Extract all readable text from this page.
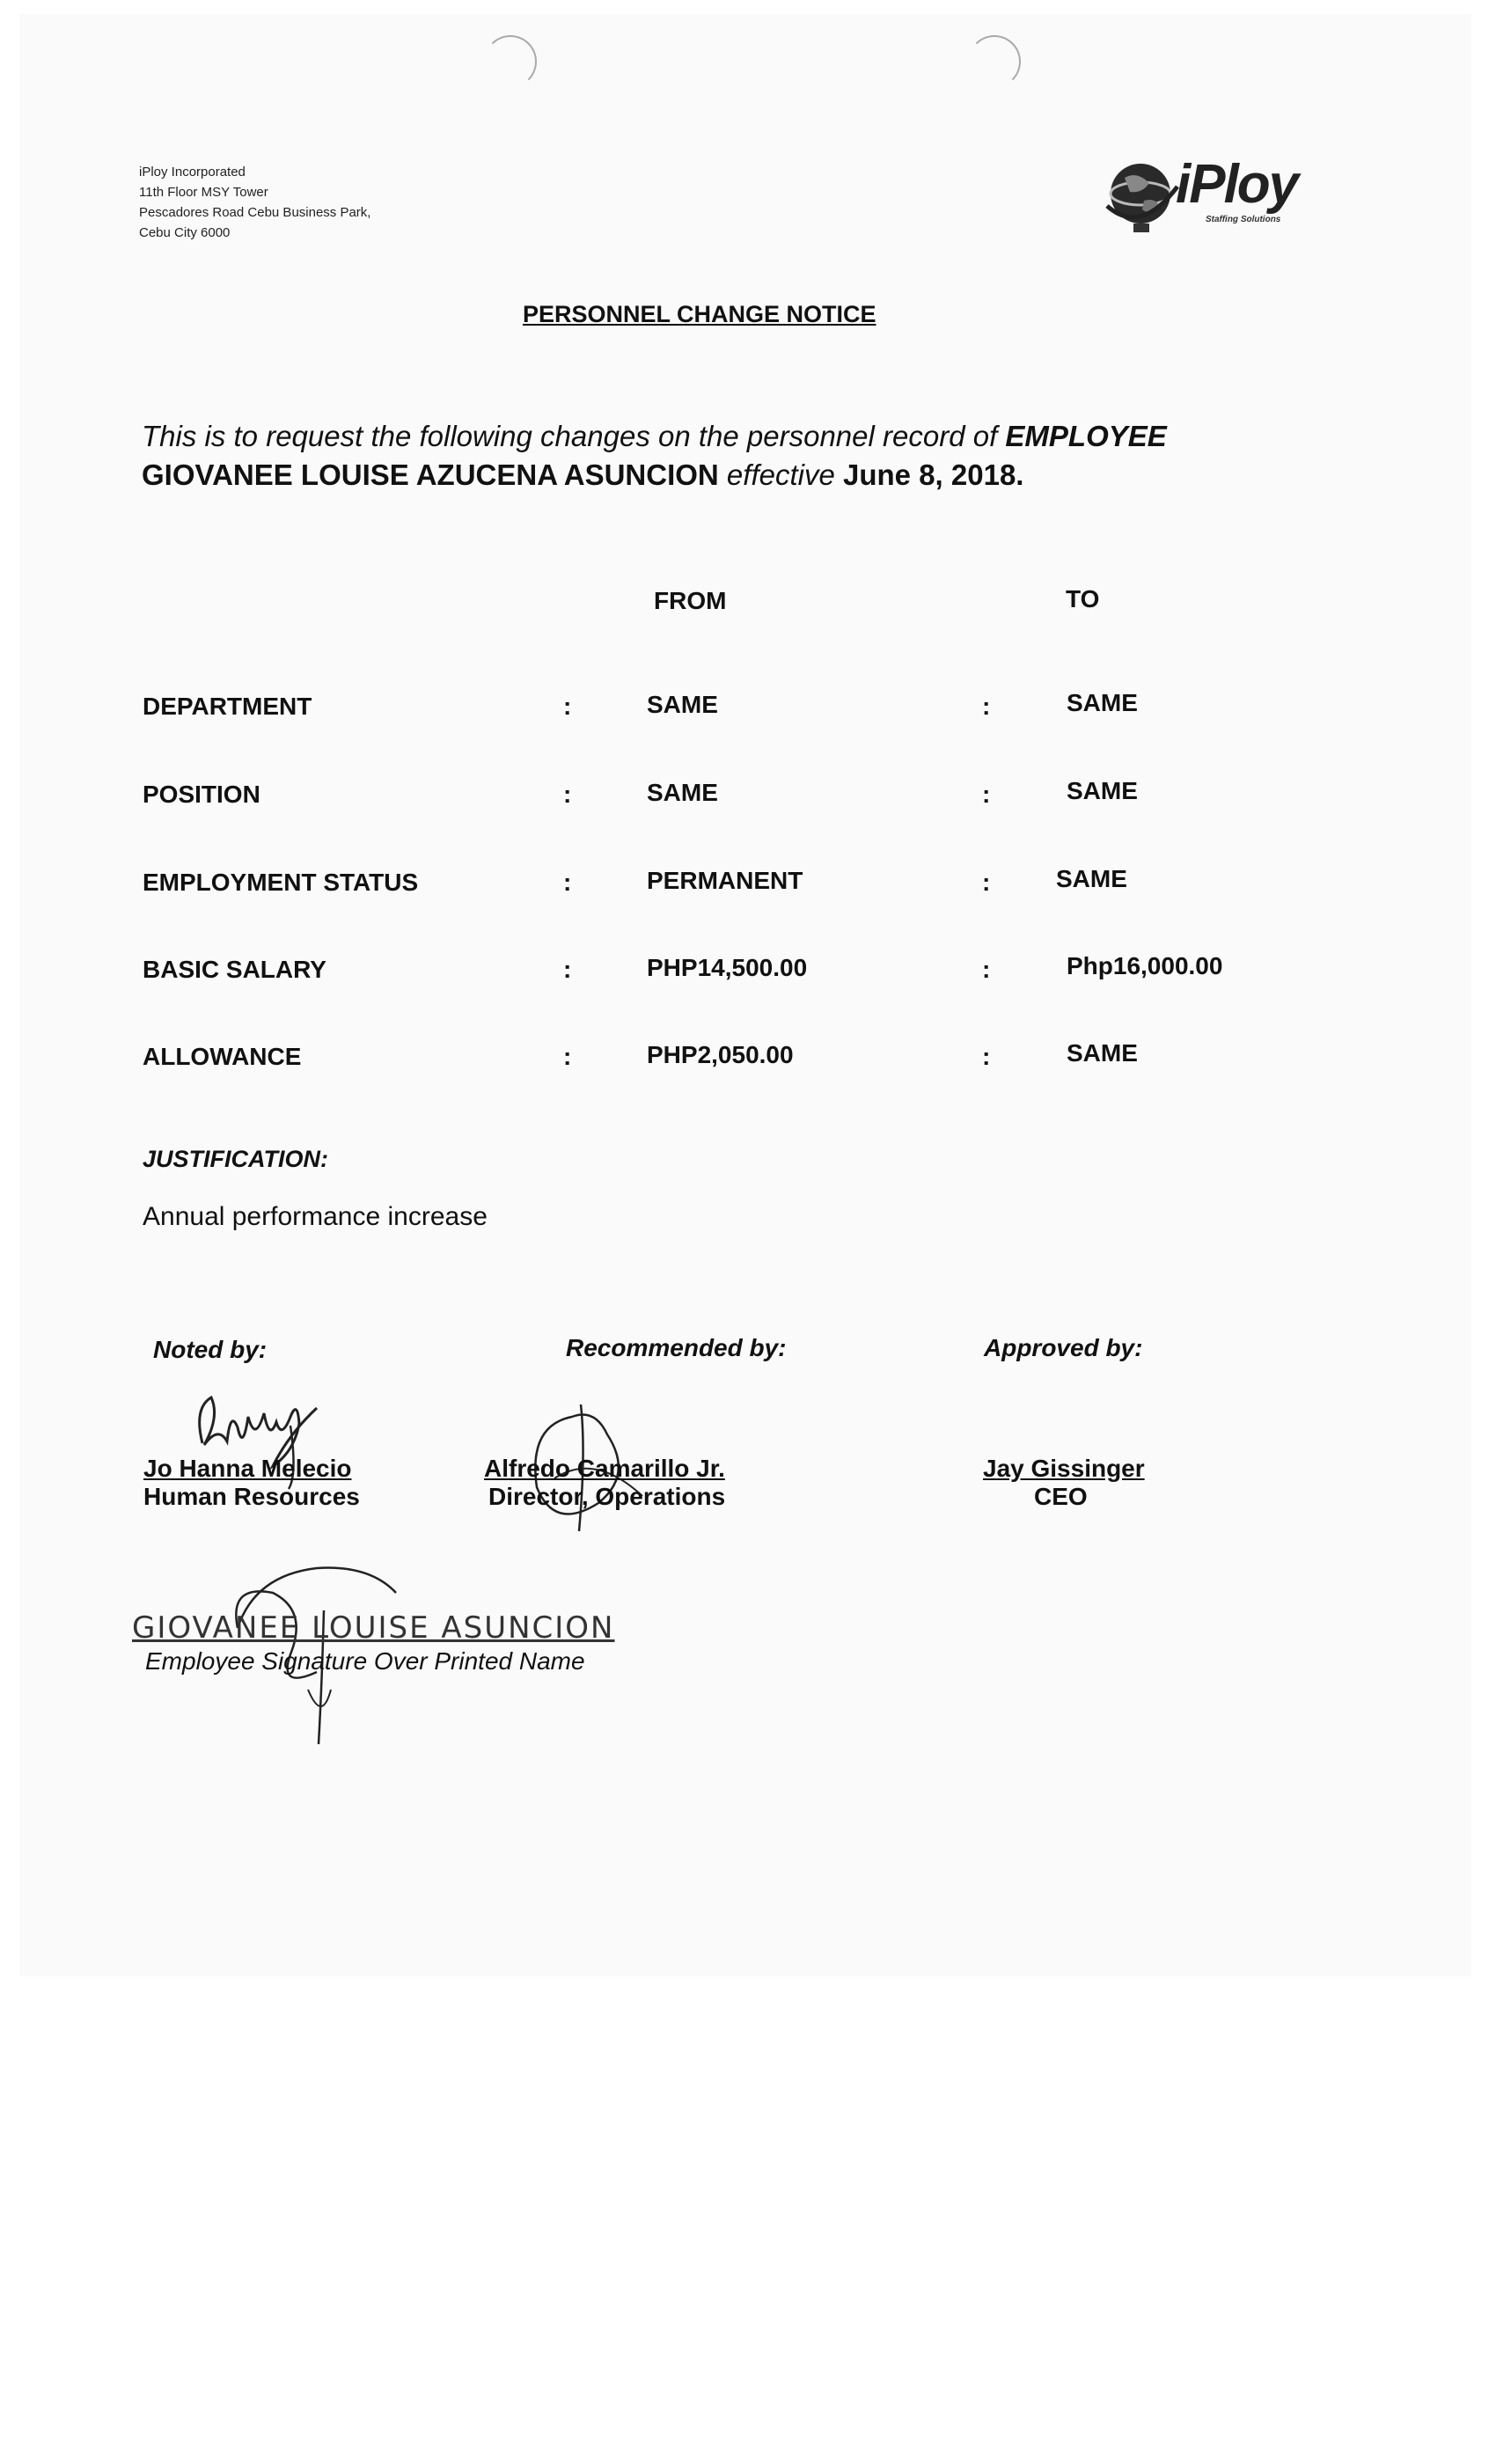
iPloy Incorporated
11th Floor MSY Tower
Pescadores Road Cebu Business Park,
Cebu City 6000
iPloy
Staffing Solutions
PERSONNEL CHANGE NOTICE
This is to request the following changes on the personnel record of EMPLOYEE
GIOVANEE LOUISE AZUCENA ASUNCION effective June 8, 2018.
FROM	TO
DEPARTMENT	:	SAME	:	SAME
POSITION	:	SAME	:	SAME
EMPLOYMENT STATUS	:	PERMANENT	:	SAME
BASIC SALARY	:	PHP14,500.00	:	Php16,000.00
ALLOWANCE	:	PHP2,050.00	:	SAME
JUSTIFICATION:
Annual performance increase
Noted by:	Recommended by:	Approved by:
Jo Hanna Melecio
Human Resources
Alfredo Camarillo Jr.
Director, Operations
Jay Gissinger
CEO
GIOVANEE LOUISE ASUNCION
Employee Signature Over Printed Name
